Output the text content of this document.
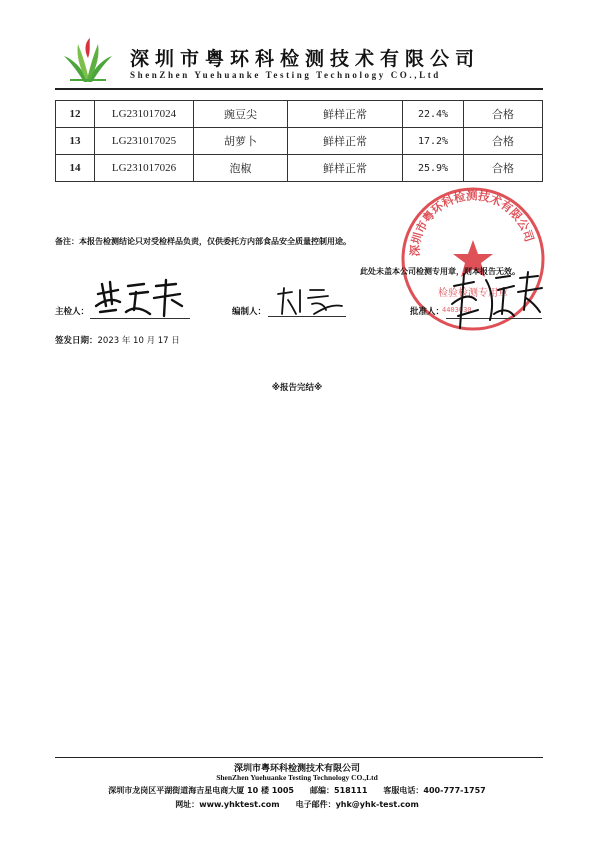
深圳市粤环科检测技术有限公司
ShenZhen Yuehuanke Testing Technology CO.,Ltd
12	LG231017024	豌豆尖	鲜样正常	22.4%	合格
13	LG231017025	胡萝卜	鲜样正常	17.2%	合格
14	LG231017026	泡椒	鲜样正常	25.9%	合格
深圳市粤环科检测技术有限公司
检验检测专用章
4403030
备注：本报告检测结论只对受检样品负责，仅供委托方内部食品安全质量控制用途。
此处未盖本公司检测专用章，则本报告无效。
主检人：	编制人：	批准人：
签发日期：2023 年 10 月 17 日
※报告完结※
深圳市粤环科检测技术有限公司
ShenZhen Yuehuanke Testing Technology CO.,Ltd
深圳市龙岗区平湖街道海吉星电商大厦 10 楼 1005 邮编：518111 客服电话：400-777-1757
网址：www.yhktest.com 电子邮件：yhk@yhk-test.com
